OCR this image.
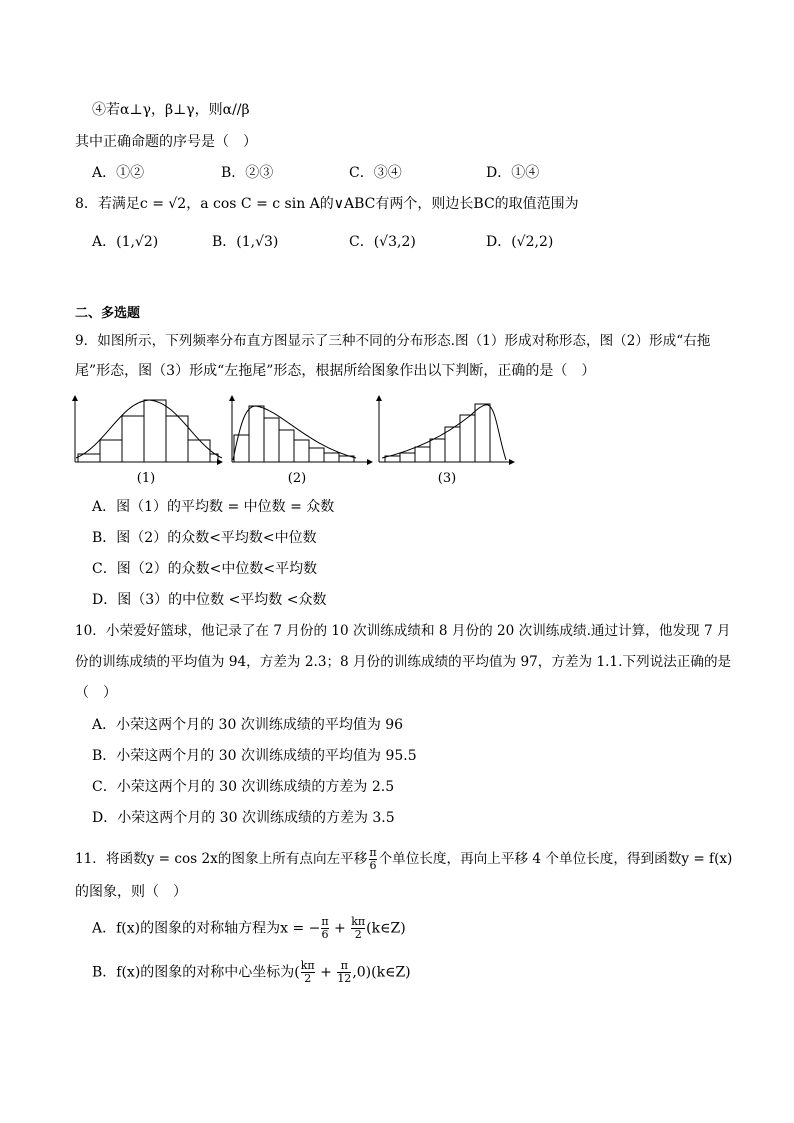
④若α⊥γ，β⊥γ，则α//β
其中正确命题的序号是（　）
A．①②	B．②③	C．③④	D．①④
8．若满足c = √2，a cos C = c sin A的∨ABC有两个，则边长BC的取值范围为
A．(1,√2)	B．(1,√3)	C．(√3,2)	D．(√2,2)
二、多选题
9．如图所示，下列频率分布直方图显示了三种不同的分布形态.图（1）形成对称形态，图（2）形成“右拖
尾”形态，图（3）形成“左拖尾”形态，根据所给图象作出以下判断，正确的是（　）
(1)	(2)	(3)
A．图（1）的平均数 = 中位数 = 众数
B．图（2）的众数<平均数<中位数
C．图（2）的众数<中位数<平均数
D．图（3）的中位数 <平均数 <众数
10．小荣爱好篮球，他记录了在 7 月份的 10 次训练成绩和 8 月份的 20 次训练成绩.通过计算，他发现 7 月
份的训练成绩的平均值为 94，方差为 2.3；8 月份的训练成绩的平均值为 97，方差为 1.1.下列说法正确的是
（　）
A．小荣这两个月的 30 次训练成绩的平均值为 96
B．小荣这两个月的 30 次训练成绩的平均值为 95.5
C．小荣这两个月的 30 次训练成绩的方差为 2.5
D．小荣这两个月的 30 次训练成绩的方差为 3.5
11．将函数y = cos 2x的图象上所有点向左平移 $\frac{\pi}{6}$ 个单位长度，再向上平移 4 个单位长度，得到函数y = f(x)
的图象，则（　）
A．f(x)的图象的对称轴方程为x = − $\frac{\pi}{6} + \frac{k\pi}{2}$ (k∈Z)
B．f(x)的图象的对称中心坐标为( $\frac{k\pi}{2} + \frac{\pi}{12}$ ,0)(k∈Z)
